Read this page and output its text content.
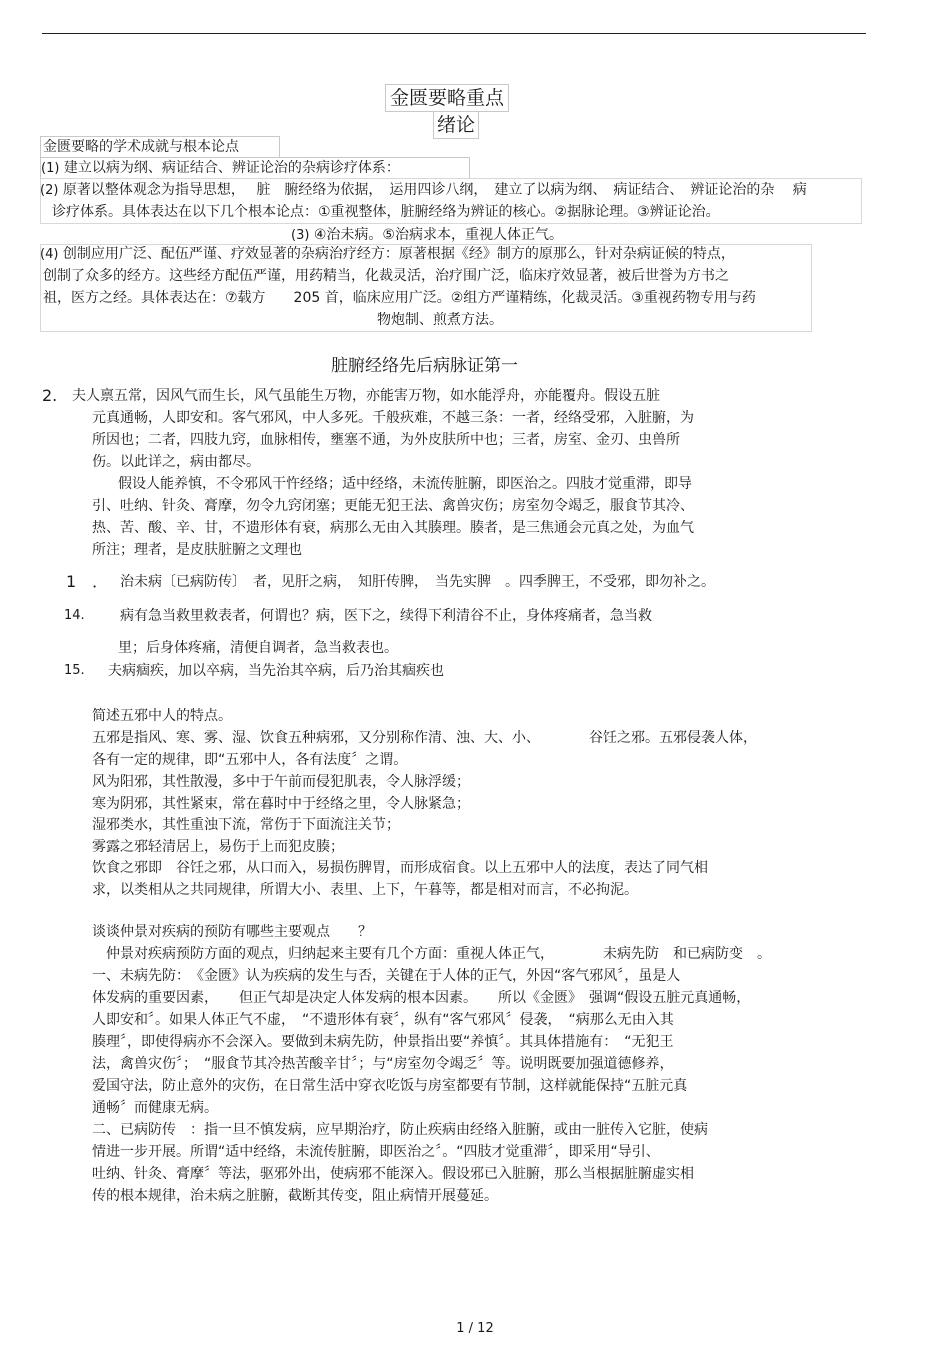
金匮要略重点
绪论
金匮要略的学术成就与根本论点
(1) 建立以病为纲、病证结合、辨证论治的杂病诊疗体系：
(2) 原著以整体观念为指导思想，　 脏　腑经络为依据，　运用四诊八纲，　建立了以病为纲、　病证结合、　辨证论治的杂　 病
诊疗体系。具体表达在以下几个根本论点：①重视整体，脏腑经络为辨证的核心。②据脉论理。③辨证论治。
(3) ④治未病。⑤治病求本，重视人体正气。
(4) 创制应用广泛、配伍严谨、疗效显著的杂病治疗经方：原著根据《经》制方的原那么，针对杂病证候的特点，
创制了众多的经方。这些经方配伍严谨，用药精当，化裁灵活，治疗围广泛，临床疗效显著，被后世誉为方书之
祖，医方之经。具体表达在：⑦载方　　205 首，临床应用广泛。②组方严谨精练，化裁灵活。③重视药物专用与药
物炮制、煎煮方法。
脏腑经络先后病脉证第一
2. 夫人禀五常，因风气而生长，风气虽能生万物，亦能害万物，如水能浮舟，亦能覆舟。假设五脏
元真通畅，人即安和。客气邪风，中人多死。千般疢难，不越三条：一者，经络受邪，入脏腑，为
所因也；二者，四肢九窍，血脉相传，壅塞不通，为外皮肤所中也；三者，房室、金刃、虫兽所
伤。以此详之，病由都尽。
　假设人能养慎，不令邪风干忤经络；适中经络，未流传脏腑，即医治之。四肢才觉重滞，即导
引、吐纳、针灸、膏摩，勿令九窍闭塞；更能无犯王法、禽兽灾伤；房室勿令竭乏，服食节其冷、
热、苦、酸、辛、甘，不遗形体有衰，病那么无由入其腠理。腠者，是三焦通会元真之处，为血气
所注；理者，是皮肤脏腑之文理也
1　． 治未病〔已病防传〕　者，见肝之病，　知肝传脾，　当先实脾　。四季脾王，不受邪，即勿补之。
14.	病有急当救里救表者，何谓也？病，医下之，续得下利清谷不止，身体疼痛者，急当救
里；后身体疼痛，清便自调者，急当救表也。
15. 夫病痼疾，加以卒病，当先治其卒病，后乃治其痼疾也
简述五邪中人的特点。
五邪是指风、寒、雾、湿、饮食五种病邪，又分别称作清、浊、大、小、　　　　谷饪之邪。五邪侵袭人体，
各有一定的规律，即“五邪中人，各有法度〞之谓。
风为阳邪，其性散漫，多中于午前而侵犯肌表，令人脉浮缓；
寒为阴邪，其性紧束，常在暮时中于经络之里，令人脉紧急；
湿邪类水，其性重浊下流，常伤于下面流注关节；
雾露之邪轻清居上，易伤于上而犯皮腠；
饮食之邪即　谷饪之邪，从口而入，易损伤脾胃，而形成宿食。以上五邪中人的法度，表达了同气相
求，以类相从之共同规律，所谓大小、表里、上下，午暮等，都是相对而言，不必拘泥。
谈谈仲景对疾病的预防有哪些主要观点　　？
　仲景对疾病预防方面的观点，归纳起来主要有几个方面：重视人体正气，　　　　未病先防　和已病防变　。
一、未病先防：　《金匮》认为疾病的发生与否，关键在于人体的正气，外因“客气邪风〞，虽是人
体发病的重要因素，　　但正气却是决定人体发病的根本因素。　　所以《金匮》　强调“假设五脏元真通畅，
人即安和〞。如果人体正气不虚，　“不遗形体有衰〞，纵有“客气邪风〞侵袭，　“病那么无由入其
腠理〞，即使得病亦不会深入。要做到未病先防，仲景指出要“养慎〞。其具体措施有：　“无犯王
法，禽兽灾伤〞；　“服食节其冷热苦酸辛甘〞；与“房室勿令竭乏〞等。说明既要加强道德修养，
爱国守法，防止意外的灾伤，在日常生活中穿衣吃饭与房室都要有节制，这样就能保持“五脏元真
通畅〞而健康无病。
二、已病防传　：指一旦不慎发病，应早期治疗，防止疾病由经络入脏腑，或由一脏传入它脏，使病
情进一步开展。所谓“适中经络，未流传脏腑，即医治之〞。“四肢才觉重滞〞，即采用“导引、
吐纳、针灸、膏摩〞等法，驱邪外出，使病邪不能深入。假设邪已入脏腑，那么当根据脏腑虚实相
传的根本规律，治未病之脏腑，截断其传变，阻止病情开展蔓延。
1 / 12
